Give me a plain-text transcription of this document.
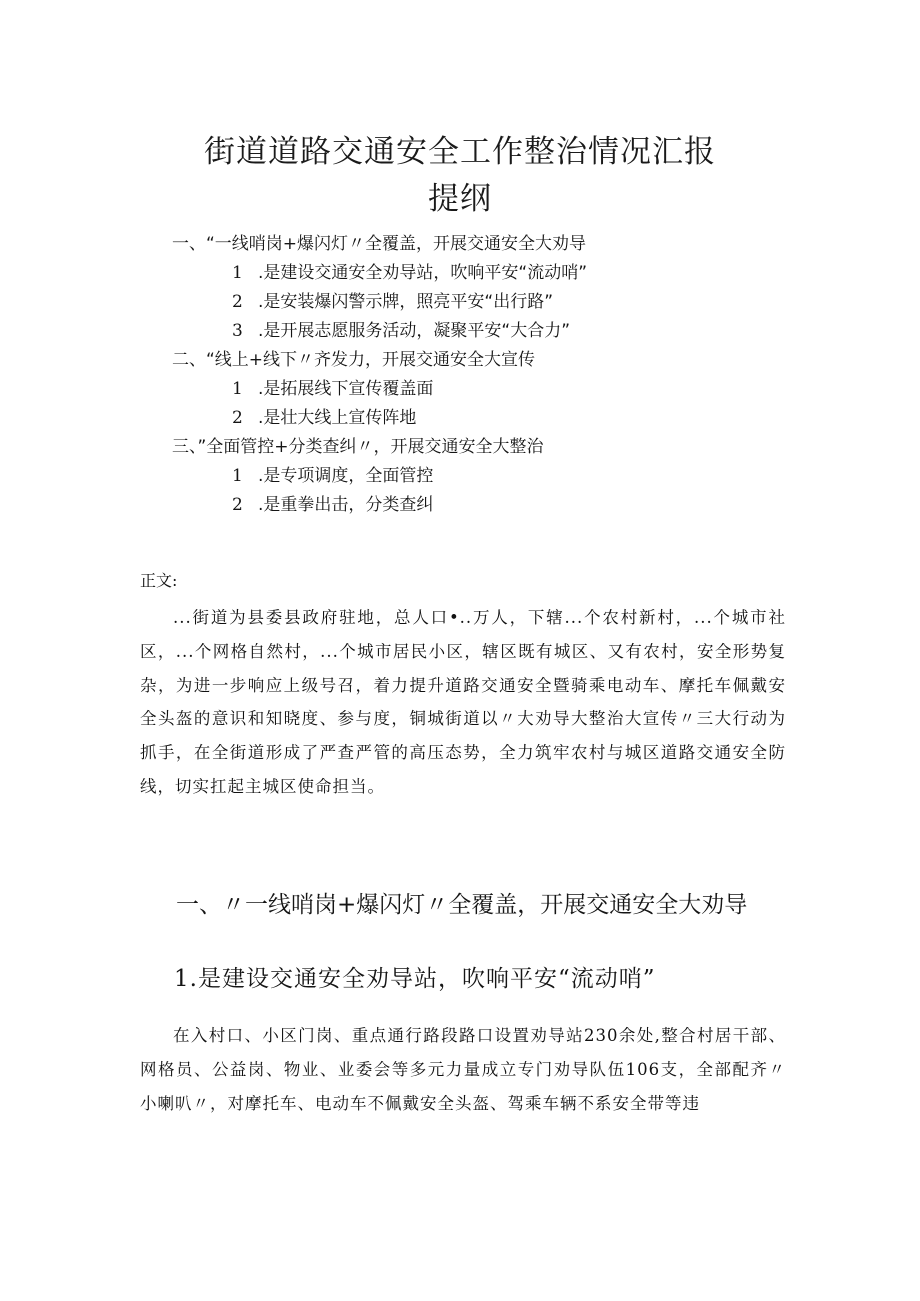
街道道路交通安全工作整治情况汇报
提纲
一、“一线哨岗+爆闪灯〃全覆盖，开展交通安全大劝导
1 .是建设交通安全劝导站，吹响平安“流动哨”
2 .是安装爆闪警示牌，照亮平安“出行路”
3 .是开展志愿服务活动，凝聚平安“大合力”
二、“线上+线下〃齐发力，开展交通安全大宣传
1 .是拓展线下宣传覆盖面
2 .是壮大线上宣传阵地
三、”全面管控+分类查纠〃，开展交通安全大整治
1 .是专项调度，全面管控
2 .是重拳出击，分类查纠
正文:
...街道为县委县政府驻地，总人口•..万人，下辖...个农村新村，...个城市社区，...个网格自然村，...个城市居民小区，辖区既有城区、又有农村，安全形势复杂，为进一步响应上级号召，着力提升道路交通安全暨骑乘电动车、摩托车佩戴安全头盔的意识和知晓度、参与度，铜城街道以〃大劝导大整治大宣传〃三大行动为抓手，在全街道形成了严查严管的高压态势，全力筑牢农村与城区道路交通安全防线，切实扛起主城区使命担当。
一、〃一线哨岗+爆闪灯〃全覆盖，开展交通安全大劝导
1.是建设交通安全劝导站，吹响平安“流动哨”
在入村口、小区门岗、重点通行路段路口设置劝导站230余处,整合村居干部、网格员、公益岗、物业、业委会等多元力量成立专门劝导队伍106支，全部配齐〃小喇叭〃，对摩托车、电动车不佩戴安全头盔、驾乘车辆不系安全带等违
